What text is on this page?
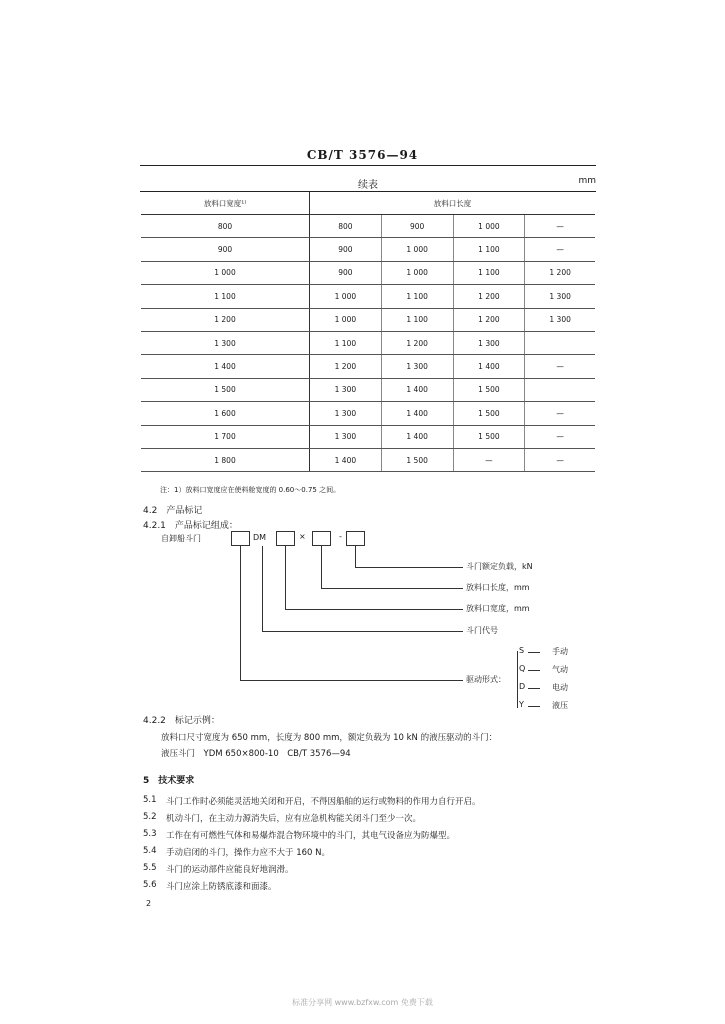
CB/T 3576—94
续表	mm
放料口宽度¹⁾	放料口长度			
800	800	900	1 000	—
900	900	1 000	1 100	—
1 000	900	1 000	1 100	1 200
1 100	1 000	1 100	1 200	1 300
1 200	1 000	1 100	1 200	1 300
1 300	1 100	1 200	1 300	
1 400	1 200	1 300	1 400	—
1 500	1 300	1 400	1 500	
1 600	1 300	1 400	1 500	—
1 700	1 300	1 400	1 500	—
1 800	1 400	1 500	—	—
注：1）放料口宽度应在使料舱宽度的 0.60～0.75 之间。
4.2　 产品标记
4.2.1　 产品标记组成：
自卸船斗门	DM	×	-
斗门额定负载，kN
放料口长度，mm
放料口宽度，mm
斗门代号
驱动形式：
S	手动
Q	气动
D	电动
Y	液压
4.2.2　 标记示例：
放料口尺寸宽度为 650 mm，长度为 800 mm，额定负载为 10 kN 的液压驱动的斗门：
液压斗门　YDM 650×800-10　CB/T 3576—94
5　 技术要求
5.1 斗门工作时必须能灵活地关闭和开启，不得因船舶的运行或物料的作用力自行开启。
5.2 机动斗门，在主动力源消失后，应有应急机构能关闭斗门至少一次。
5.3 工作在有可燃性气体和易爆炸混合物环境中的斗门，其电气设备应为防爆型。
5.4 手动启闭的斗门，操作力应不大于 160 N。
5.5 斗门的运动部件应能良好地润滑。
5.6 斗门应涂上防锈底漆和面漆。
2
标准分享网 www.bzfxw.com 免费下载
